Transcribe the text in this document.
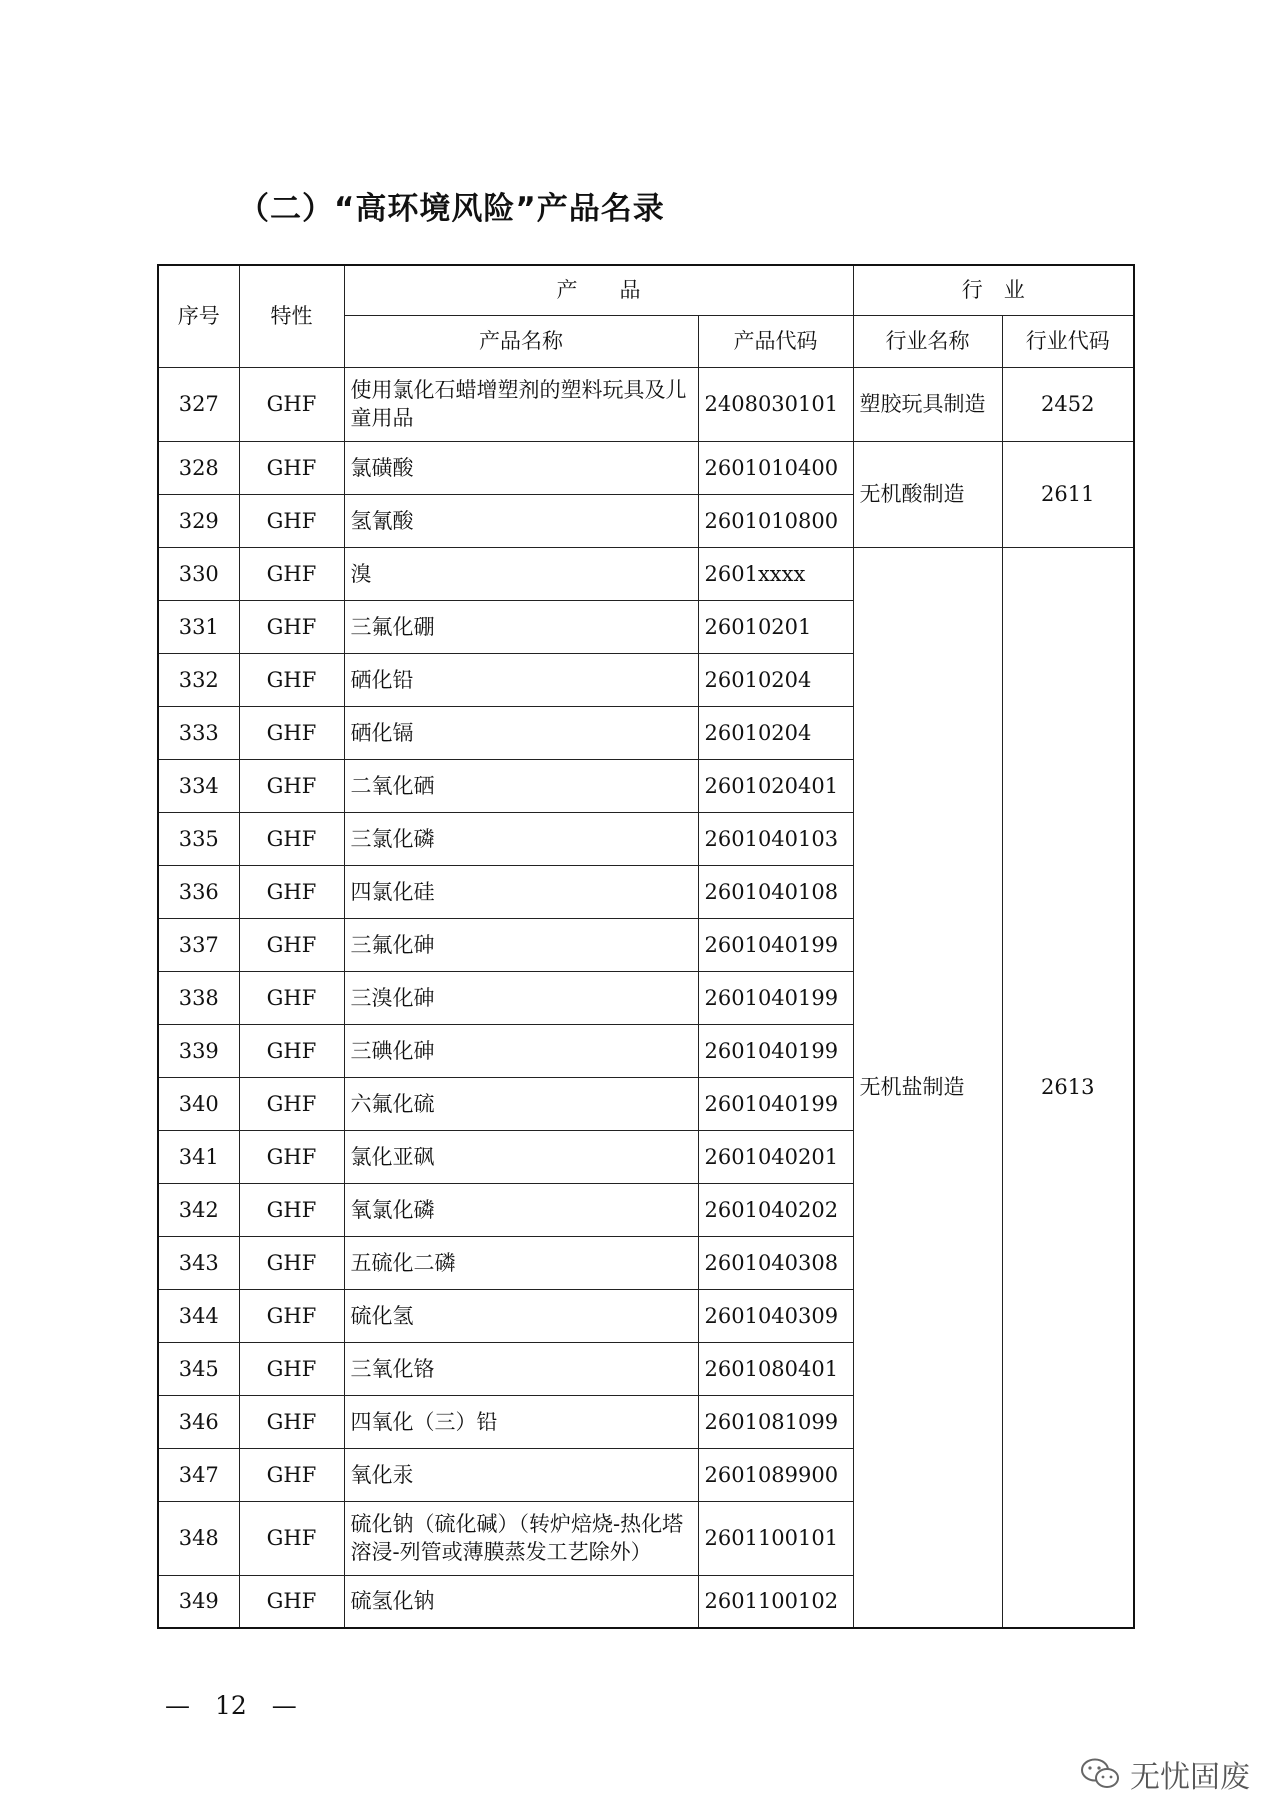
（二）“高环境风险”产品名录
序号	特性	产　　品		行　业	
		产品名称	产品代码	行业名称	行业代码
327	GHF	使用氯化石蜡增塑剂的塑料玩具及儿童用品	2408030101	塑胶玩具制造	2452
328	GHF	氯磺酸	2601010400	无机酸制造	2611
329	GHF	氢氰酸	2601010800		
330	GHF	溴	2601xxxx	无机盐制造	2613
331	GHF	三氟化硼	26010201		
332	GHF	硒化铅	26010204		
333	GHF	硒化镉	26010204		
334	GHF	二氧化硒	2601020401		
335	GHF	三氯化磷	2601040103		
336	GHF	四氯化硅	2601040108		
337	GHF	三氟化砷	2601040199		
338	GHF	三溴化砷	2601040199		
339	GHF	三碘化砷	2601040199		
340	GHF	六氟化硫	2601040199		
341	GHF	氯化亚砜	2601040201		
342	GHF	氧氯化磷	2601040202		
343	GHF	五硫化二磷	2601040308		
344	GHF	硫化氢	2601040309		
345	GHF	三氧化铬	2601080401		
346	GHF	四氧化（三）铅	2601081099		
347	GHF	氧化汞	2601089900		
348	GHF	硫化钠（硫化碱）（转炉焙烧-热化塔溶浸-列管或薄膜蒸发工艺除外）	2601100101		
349	GHF	硫氢化钠	2601100102		
—　12　—
无忧固废
